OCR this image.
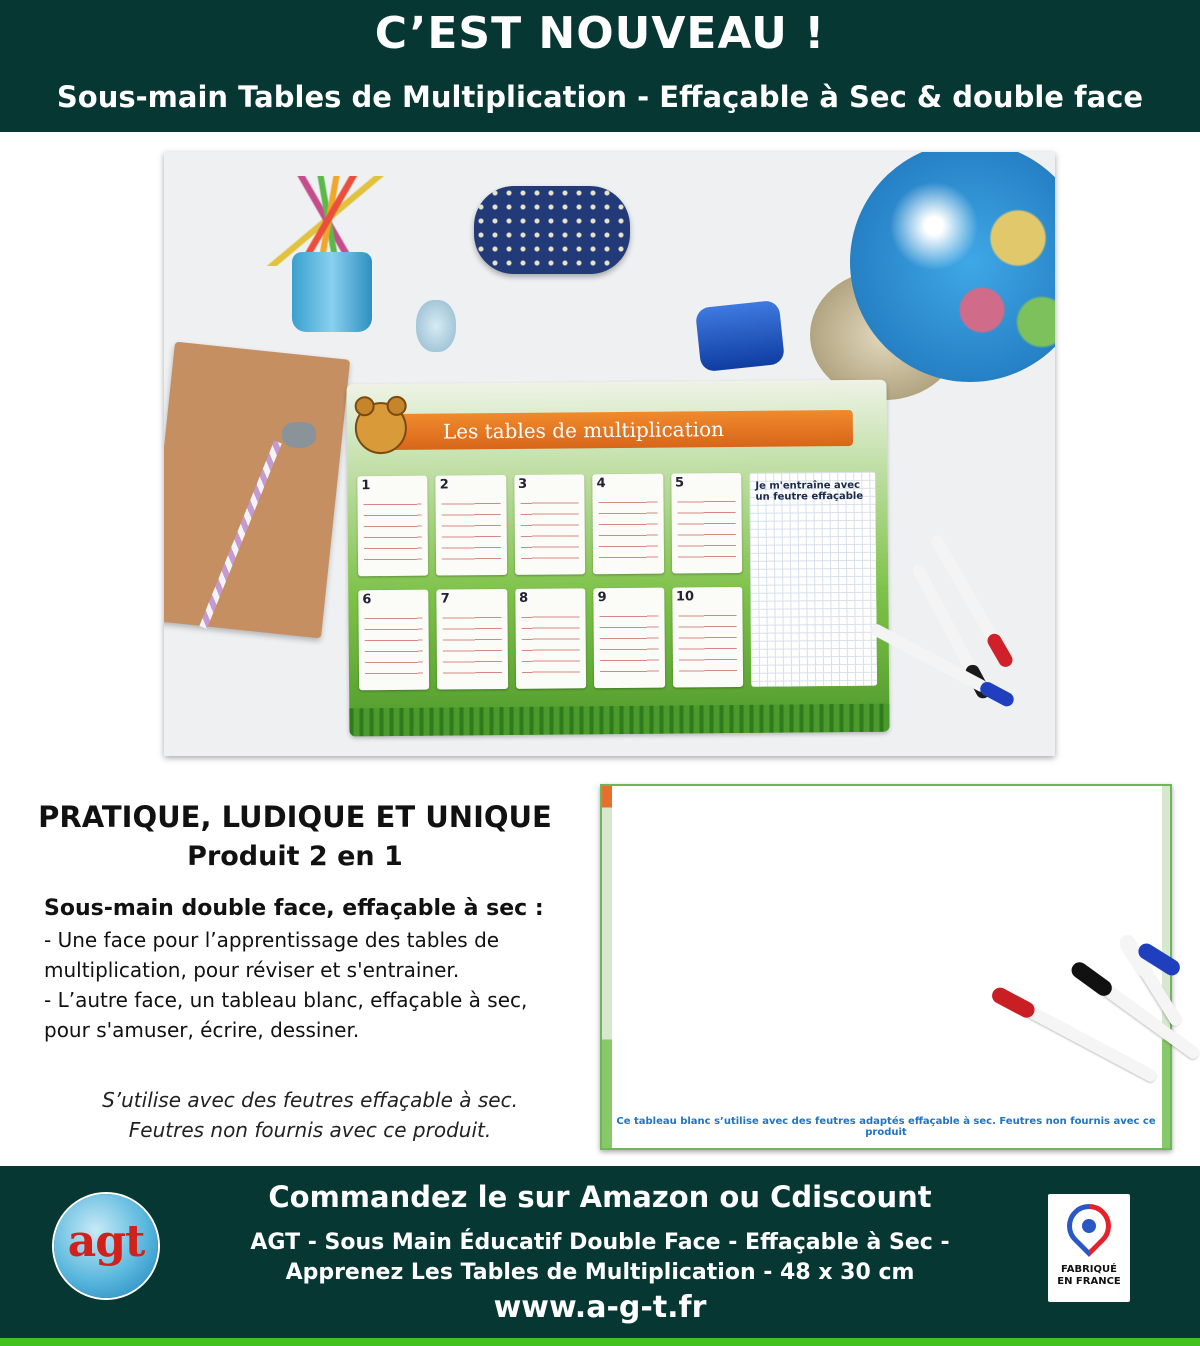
C’EST NOUVEAU !
Sous-main Tables de Multiplication - Effaçable à Sec & double face
Les tables de multiplication
1	2	3	4	5
6	7	8	9	10
Je m'entraîne avec un feutre effaçable
PRATIQUE, LUDIQUE ET UNIQUE
Produit 2 en 1
Sous-main double face, effaçable à sec :
- Une face pour l’apprentissage des tables de
multiplication, pour réviser et s'entrainer.
- L’autre face, un tableau blanc, effaçable à sec,
pour s'amuser, écrire, dessiner.
S’utilise avec des feutres effaçable à sec.
Feutres non fournis avec ce produit.	Ce tableau blanc s’utilise avec des feutres adaptés effaçable à sec. Feutres non fournis avec ce produit
agt
Commandez le sur Amazon ou Cdiscount
AGT - Sous Main Éducatif Double Face - Effaçable à Sec -
Apprenez Les Tables de Multiplication - 48 x 30 cm
www.a-g-t.fr
FABRIQUÉ
EN FRANCE
